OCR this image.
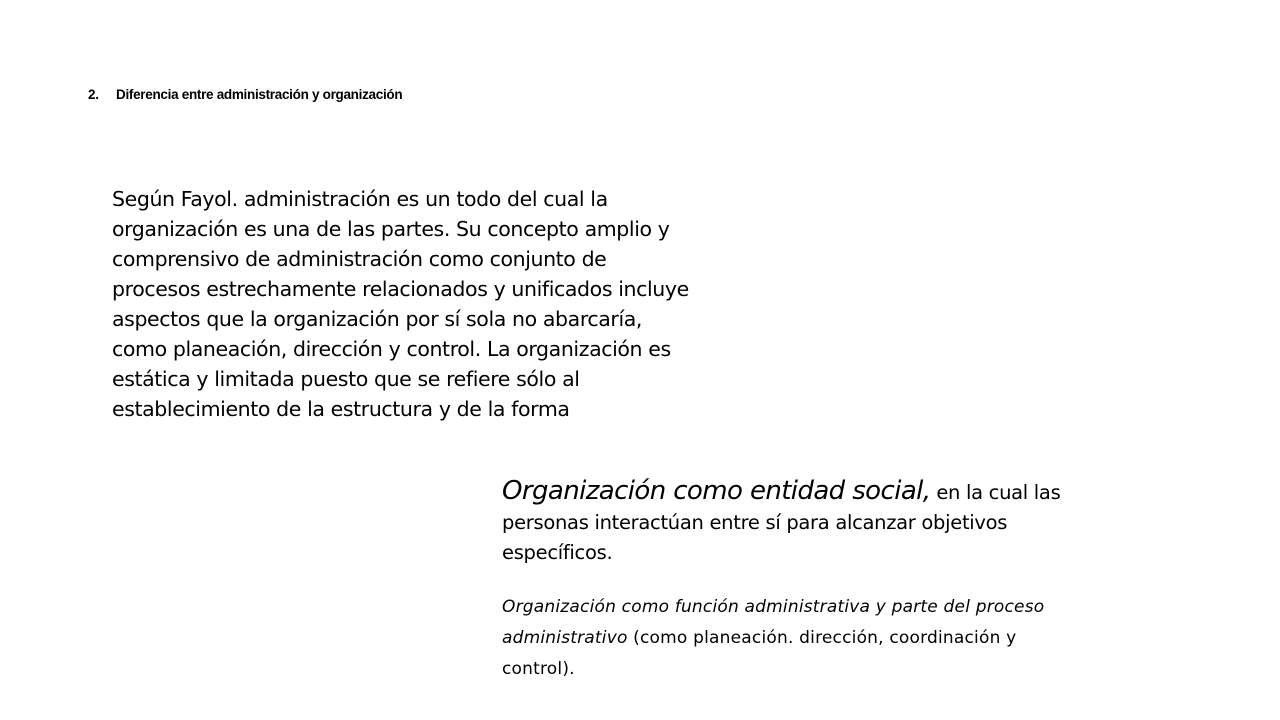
2. Diferencia entre administración y organización
Según Fayol. administración es un todo del cual la
organización es una de las partes. Su concepto amplio y
comprensivo de administración como conjunto de
procesos estrechamente relacionados y unificados incluye
aspectos que la organización por sí sola no abarcaría,
como planeación, dirección y control. La organización es
estática y limitada puesto que se refiere sólo al
establecimiento de la estructura y de la forma
Organización como entidad social, en la cual las
personas interactúan entre sí para alcanzar objetivos
específicos.
Organización como función administrativa y parte del proceso
administrativo (como planeación. dirección, coordinación y
control).
